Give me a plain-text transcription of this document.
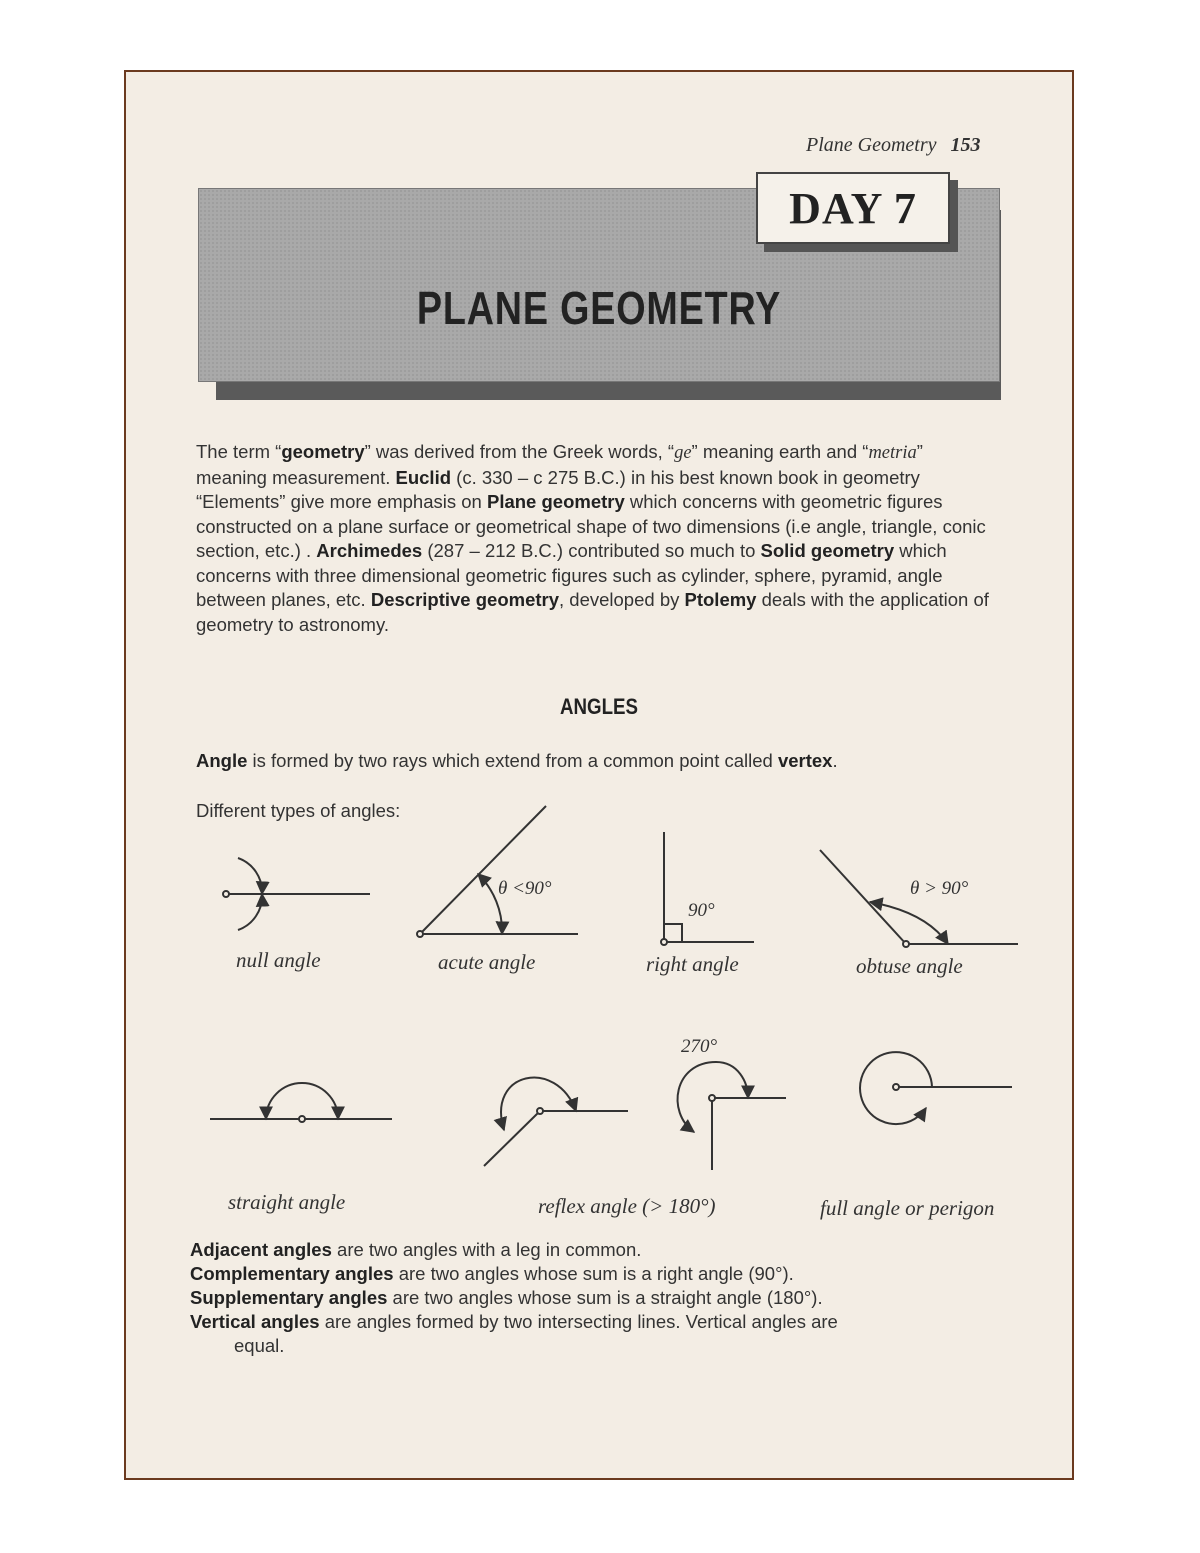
Plane Geometry 153
PLANE GEOMETRY
DAY 7

The term “geometry” was derived from the Greek words, “ge” meaning earth and “metria” meaning measurement. Euclid (c. 330 – c 275 B.C.) in his best known book in geometry “Elements” give more emphasis on Plane geometry which concerns with geometric figures constructed on a plane surface or geometrical shape of two dimensions (i.e angle, triangle, conic section, etc.) . Archimedes (287 – 212 B.C.) contributed so much to Solid geometry which concerns with three dimensional geometric figures such as cylinder, sphere, pyramid, angle between planes, etc. Descriptive geometry, developed by Ptolemy deals with the application of geometry to astronomy.

ANGLES
Angle is formed by two rays which extend from a common point called vertex.
Different types of angles:
θ <90°
90°
θ > 90°
270°
null angle	acute angle	right angle	obtuse angle
straight angle	reflex angle (> 180°)	full angle or perigon

Adjacent angles are two angles with a leg in common.

Complementary angles are two angles whose sum is a right angle (90°).

Supplementary angles are two angles whose sum is a straight angle (180°).

Vertical angles are angles formed by two intersecting lines. Vertical angles are

equal.
